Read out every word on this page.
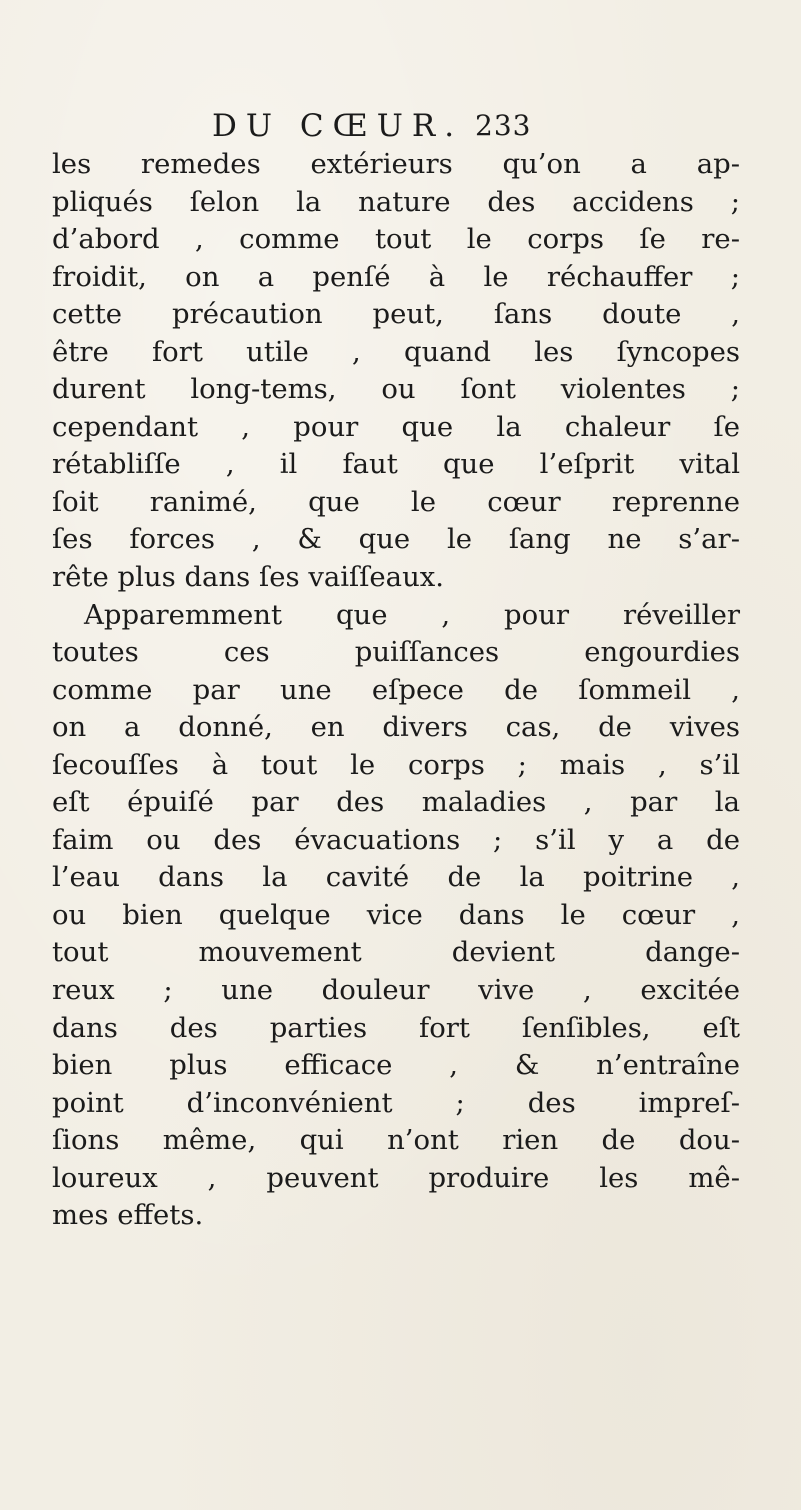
DU CŒUR. 233
les remedes extérieurs qu’on a ap-
pliqués ſelon la nature des accidens ;
d’abord , comme tout le corps ſe re-
froidit, on a penſé à le réchauffer ;
cette précaution peut, ſans doute ,
être fort utile , quand les ſyncopes
durent long-tems, ou ſont violentes ;
cependant , pour que la chaleur ſe
rétabliſſe , il faut que l’eſprit vital
ſoit ranimé, que le cœur reprenne
ſes forces , & que le ſang ne s’ar-
rête plus dans ſes vaiſſeaux.
Apparemment que , pour réveiller
toutes ces puiſſances engourdies
comme par une eſpece de ſommeil ,
on a donné, en divers cas, de vives
ſecouſſes à tout le corps ; mais , s’il
eſt épuiſé par des maladies , par la
faim ou des évacuations ; s’il y a de
l’eau dans la cavité de la poitrine ,
ou bien quelque vice dans le cœur ,
tout mouvement devient dange-
reux ; une douleur vive , excitée
dans des parties fort ſenſibles, eſt
bien plus efficace , & n’entraîne
point d’inconvénient ; des impreſ-
ſions même, qui n’ont rien de dou-
loureux , peuvent produire les mê-
mes effets.
